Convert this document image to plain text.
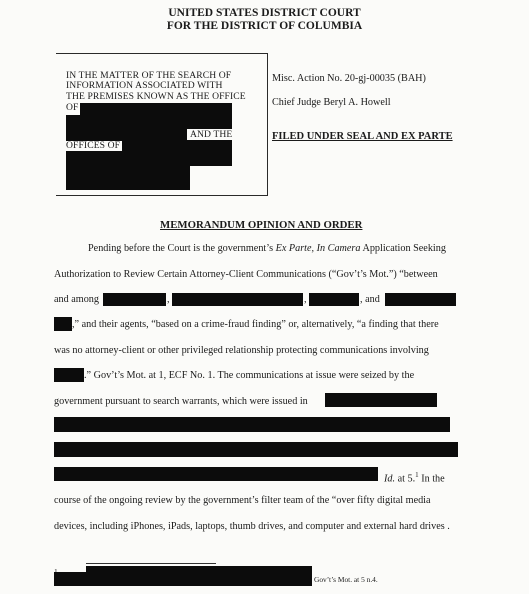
UNITED STATES DISTRICT COURT
FOR THE DISTRICT OF COLUMBIA
IN THE MATTER OF THE SEARCH OF
INFORMATION ASSOCIATED WITH
THE PREMISES KNOWN AS THE OFFICE
OF
AND THE
OFFICES OF
Misc. Action No. 20-gj-00035 (BAH)
Chief Judge Beryl A. Howell
FILED UNDER SEAL AND EX PARTE
MEMORANDUM OPINION AND ORDER
Pending before the Court is the government’s Ex Parte, In Camera Application Seeking
Authorization to Review Certain Attorney-Client Communications (“Gov’t’s Mot.”) “between
and among	,	,	, and
,” and their agents, “based on a crime-fraud finding” or, alternatively, “a finding that there
was no attorney-client or other privileged relationship protecting communications involving
.” Gov’t’s Mot. at 1, ECF No. 1. The communications at issue were seized by the
government pursuant to search warrants, which were issued in
Id. at 5.$^1$ In the
course of the ongoing review by the government’s filter team of the “over fifty digital media
devices, including iPhones, iPads, laptops, thumb drives, and computer and external hard drives .
Gov’t’s Mot. at 5 n.4.
